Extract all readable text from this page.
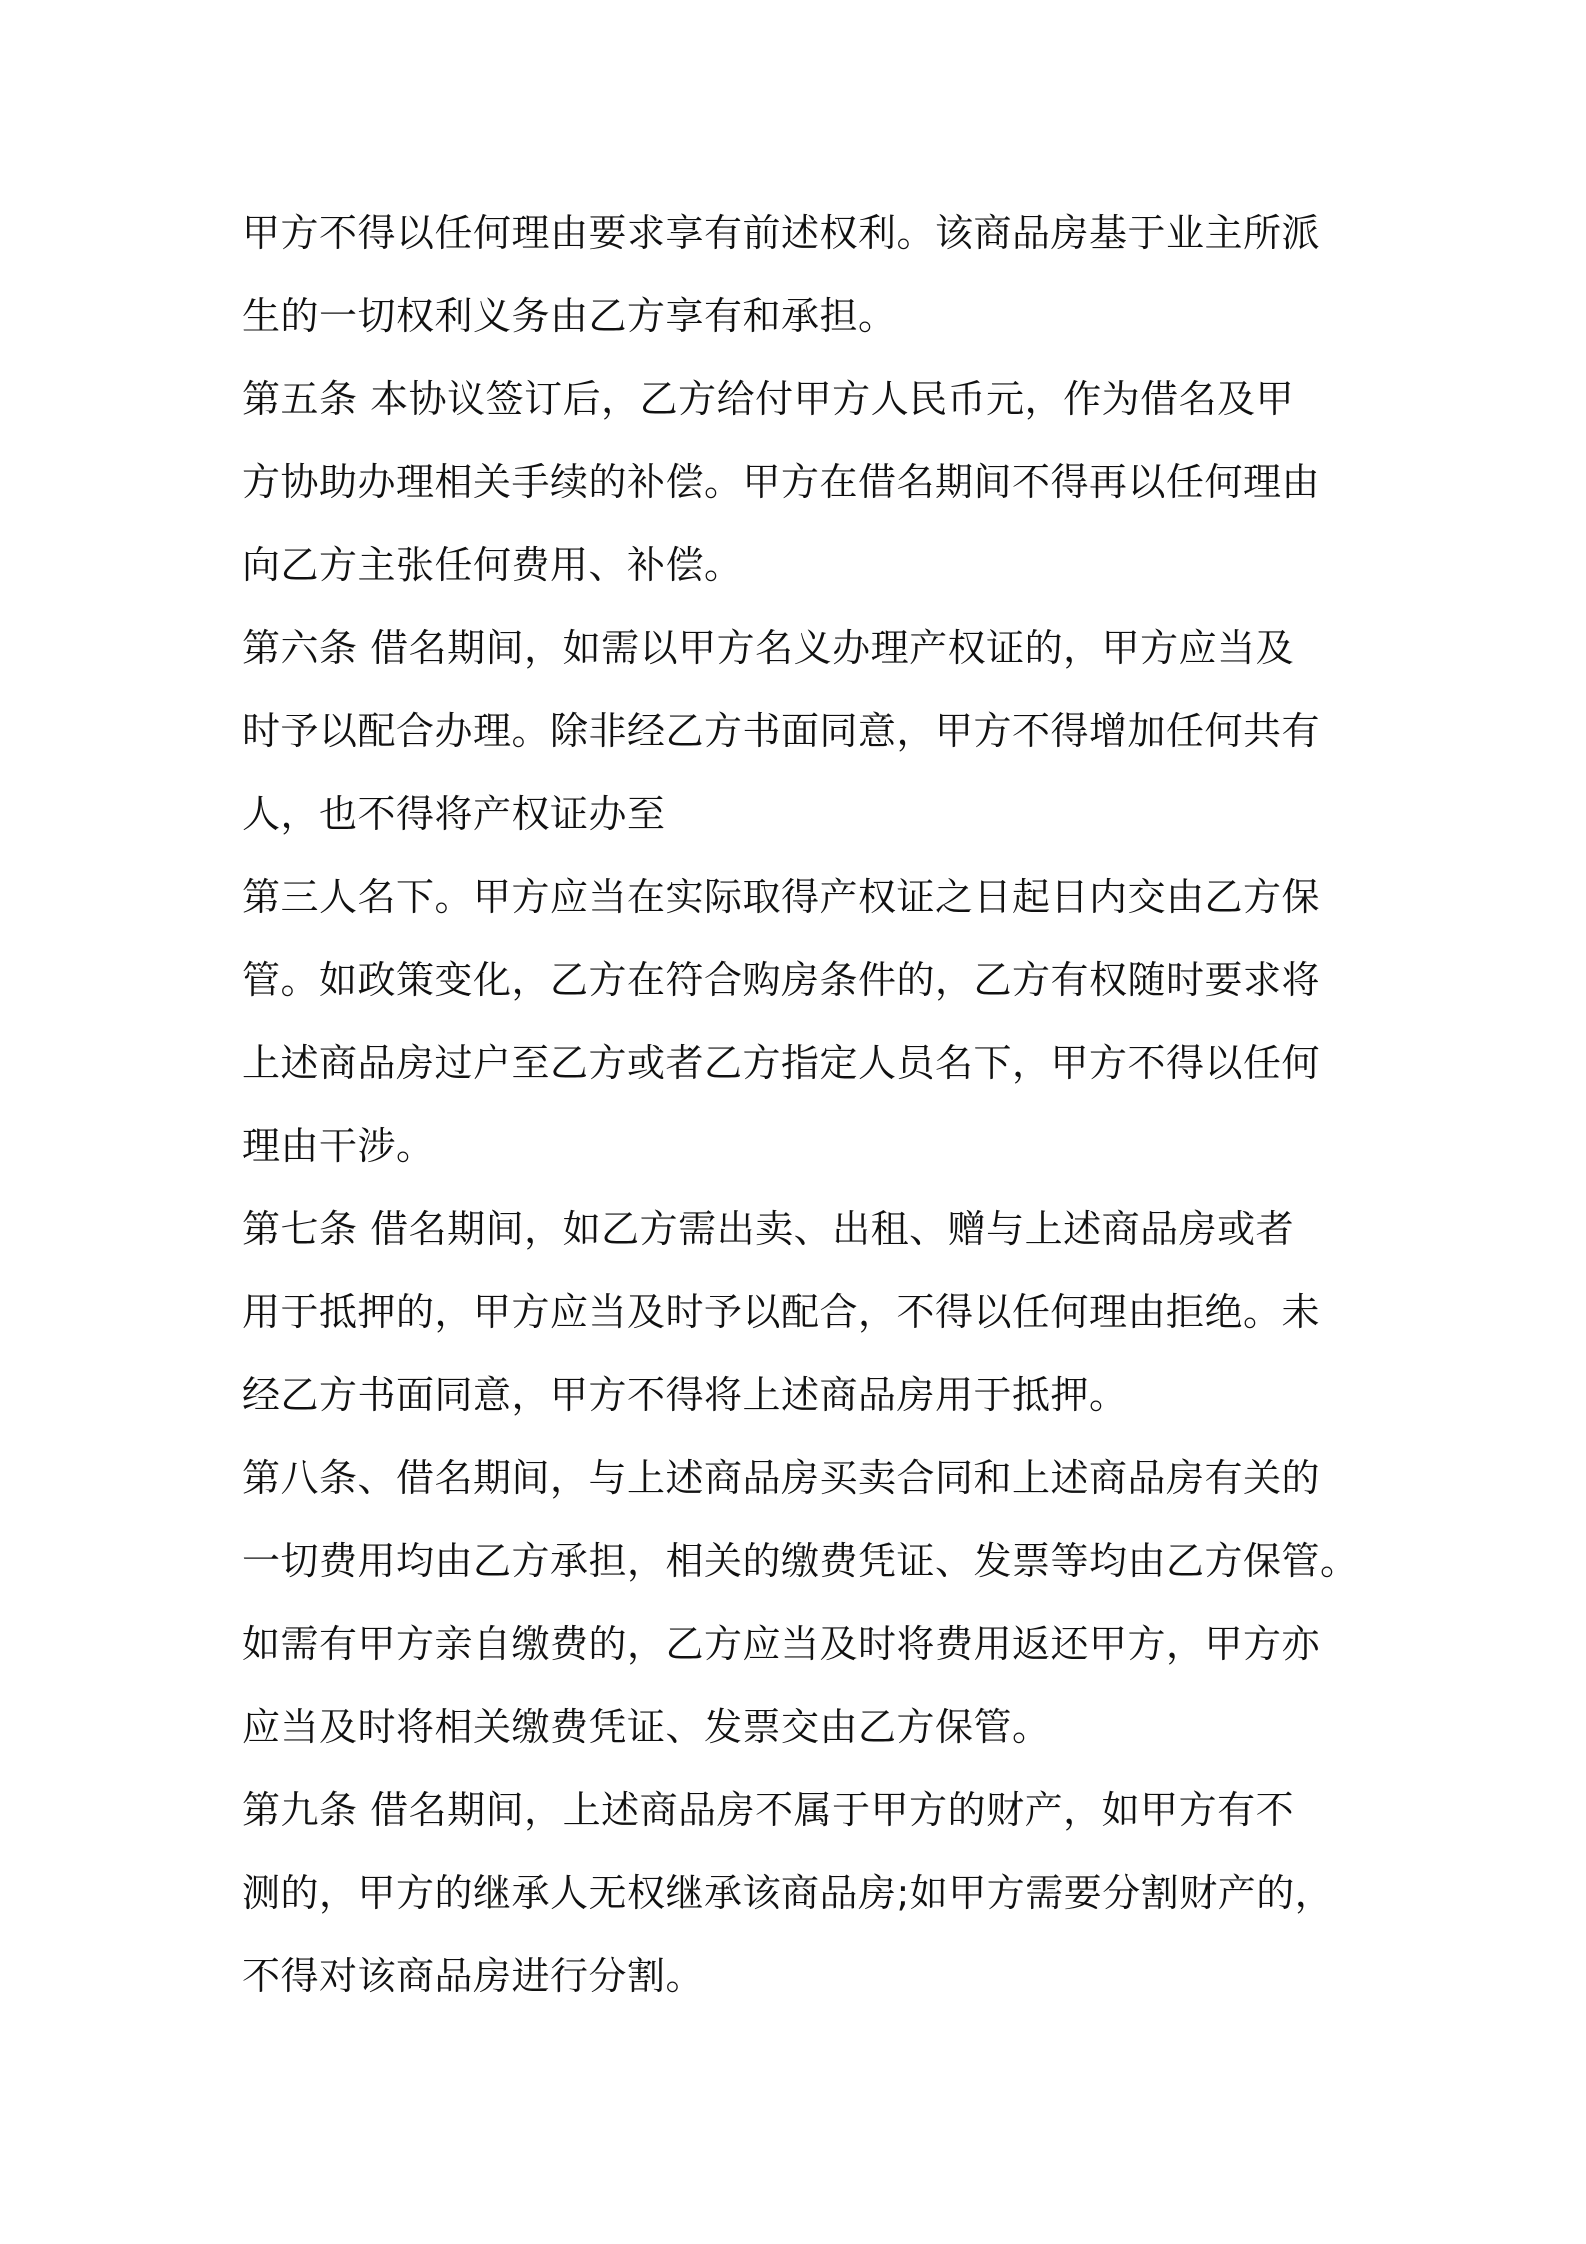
甲方不得以任何理由要求享有前述权利。该商品房基于业主所派
生的一切权利义务由乙方享有和承担。
第五条 本协议签订后，乙方给付甲方人民币元，作为借名及甲
方协助办理相关手续的补偿。甲方在借名期间不得再以任何理由
向乙方主张任何费用、补偿。
第六条 借名期间，如需以甲方名义办理产权证的，甲方应当及
时予以配合办理。除非经乙方书面同意，甲方不得增加任何共有
人，也不得将产权证办至
第三人名下。甲方应当在实际取得产权证之日起日内交由乙方保
管。如政策变化，乙方在符合购房条件的，乙方有权随时要求将
上述商品房过户至乙方或者乙方指定人员名下，甲方不得以任何
理由干涉。
第七条 借名期间，如乙方需出卖、出租、赠与上述商品房或者
用于抵押的，甲方应当及时予以配合，不得以任何理由拒绝。未
经乙方书面同意，甲方不得将上述商品房用于抵押。
第八条、借名期间，与上述商品房买卖合同和上述商品房有关的
一切费用均由乙方承担，相关的缴费凭证、发票等均由乙方保管。
如需有甲方亲自缴费的，乙方应当及时将费用返还甲方，甲方亦
应当及时将相关缴费凭证、发票交由乙方保管。
第九条 借名期间，上述商品房不属于甲方的财产，如甲方有不
测的，甲方的继承人无权继承该商品房;如甲方需要分割财产的，
不得对该商品房进行分割。
